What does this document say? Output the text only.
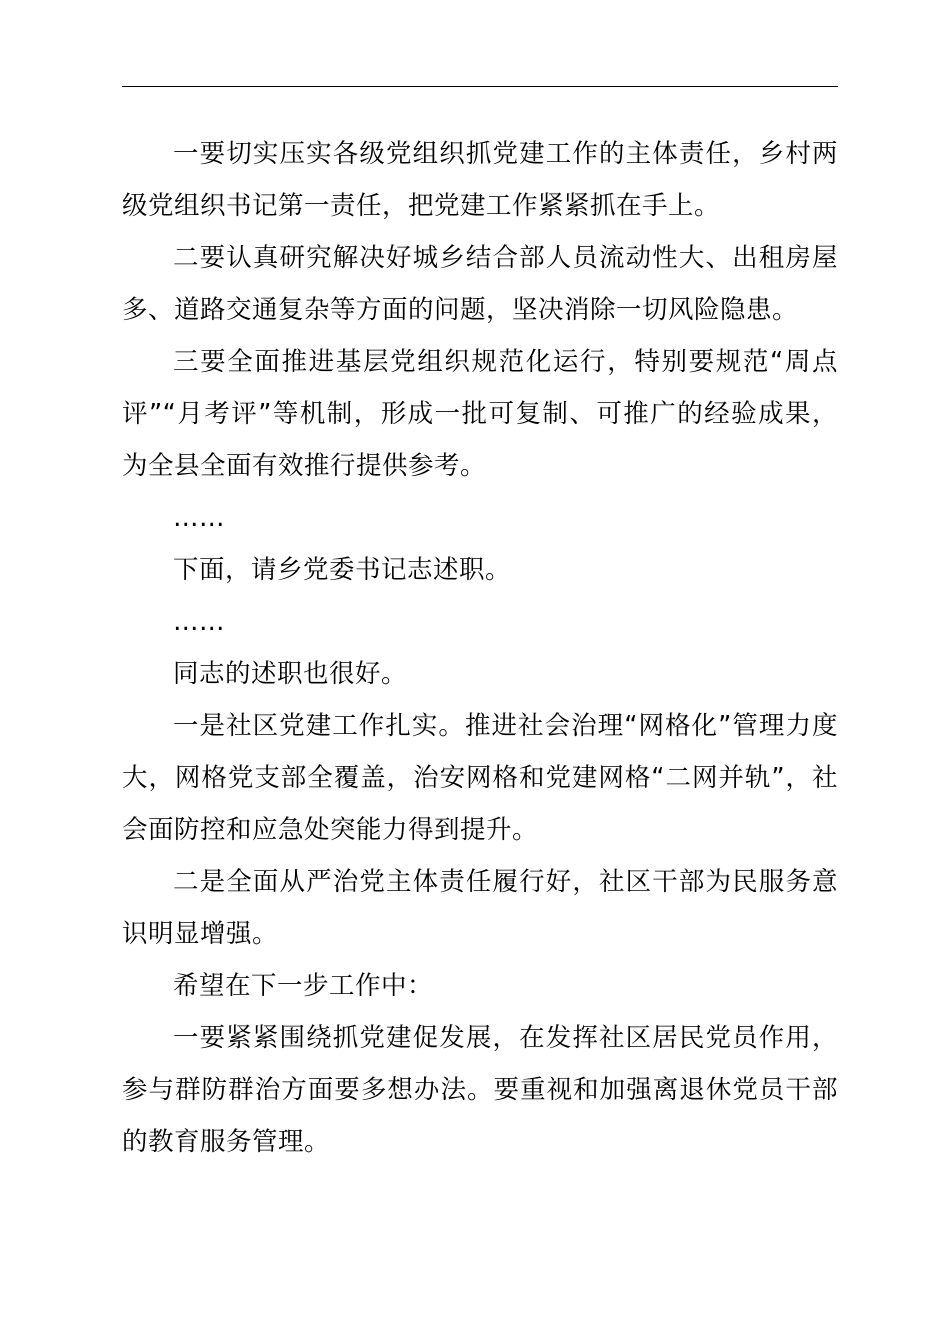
一要切实压实各级党组织抓党建工作的主体责任，乡村两级党组织书记第一责任，把党建工作紧紧抓在手上。

二要认真研究解决好城乡结合部人员流动性大、出租房屋多、道路交通复杂等方面的问题，坚决消除一切风险隐患。

三要全面推进基层党组织规范化运行，特别要规范“周点评”“月考评”等机制，形成一批可复制、可推广的经验成果，为全县全面有效推行提供参考。

……

下面，请乡党委书记志述职。

……

同志的述职也很好。

一是社区党建工作扎实。推进社会治理“网格化”管理力度大，网格党支部全覆盖，治安网格和党建网格“二网并轨”，社会面防控和应急处突能力得到提升。

二是全面从严治党主体责任履行好，社区干部为民服务意识明显增强。

希望在下一步工作中：

一要紧紧围绕抓党建促发展，在发挥社区居民党员作用，参与群防群治方面要多想办法。要重视和加强离退休党员干部的教育服务管理。
